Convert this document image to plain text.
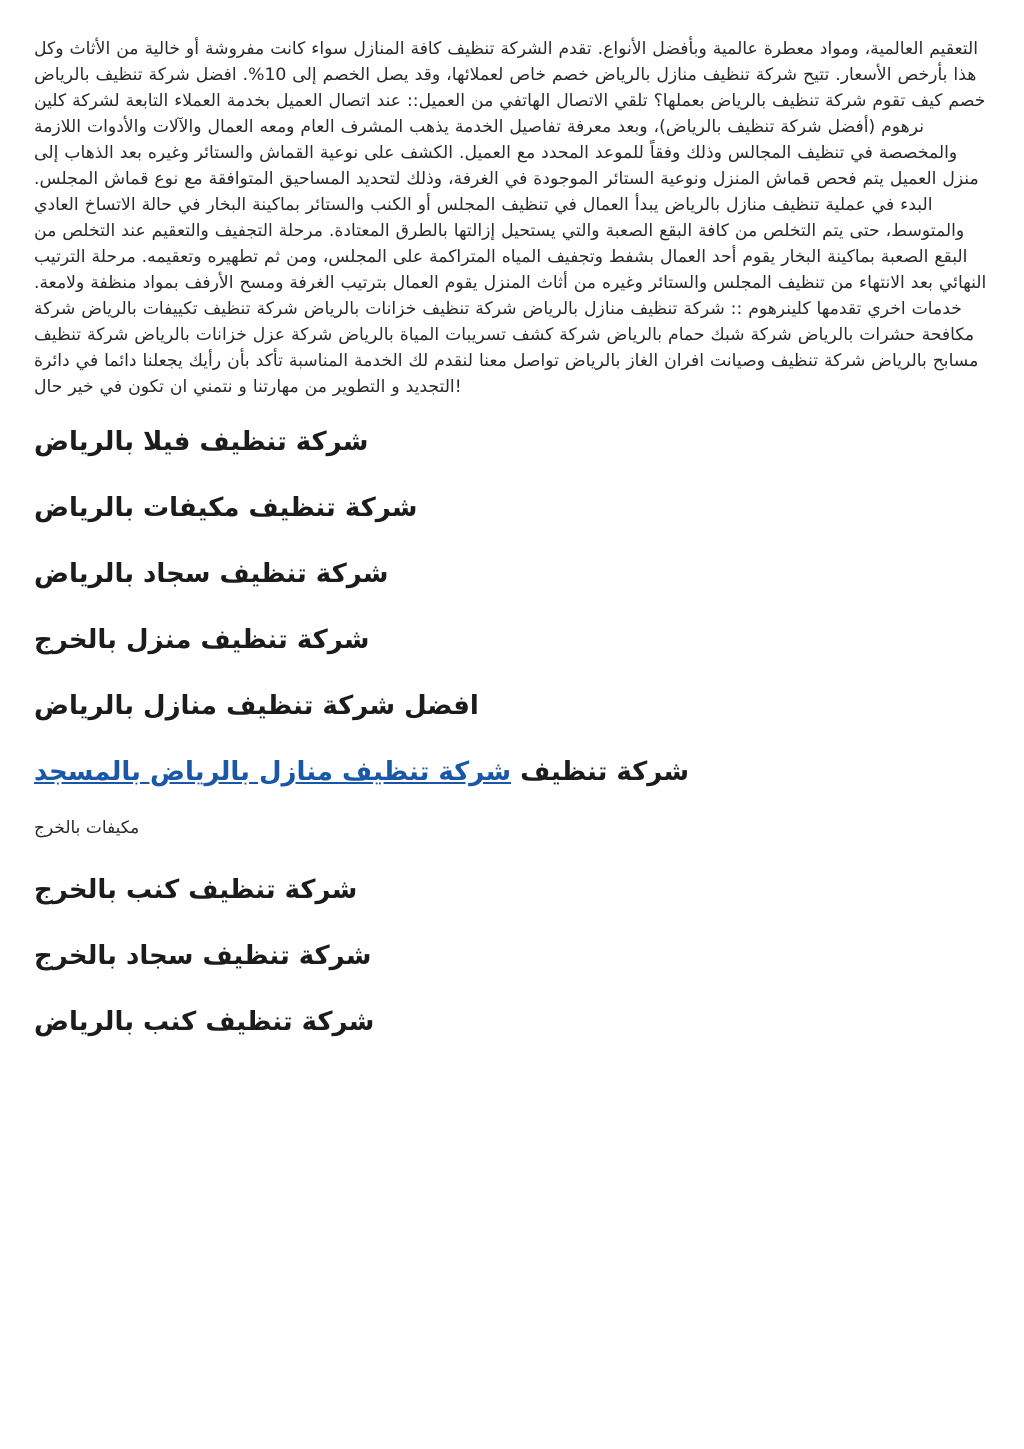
التعقيم العالمية، ومواد معطرة عالمية وبأفضل الأنواع. تقدم الشركة تنظيف كافة المنازل سواء كانت مفروشة أو خالية من الأثاث وكل هذا بأرخص الأسعار. تتيح شركة تنظيف منازل بالرياض خصم خاص لعملائها، وقد يصل الخصم إلى 10%. افضل شركة تنظيف بالرياض خصم كيف تقوم شركة تنظيف بالرياض بعملها؟ تلقي الاتصال الهاتفي من العميل:: عند اتصال العميل بخدمة العملاء التابعة لشركة كلين نرهوم (أفضل شركة تنظيف بالرياض)، وبعد معرفة تفاصيل الخدمة يذهب المشرف العام ومعه العمال والآلات والأدوات اللازمة والمخصصة في تنظيف المجالس وذلك وفقاً للموعد المحدد مع العميل. الكشف على نوعية القماش والستائر وغيره بعد الذهاب إلى منزل العميل يتم فحص قماش المنزل ونوعية الستائر الموجودة في الغرفة، وذلك لتحديد المساحيق المتوافقة مع نوع قماش المجلس. البدء في عملية تنظيف منازل بالرياض يبدأ العمال في تنظيف المجلس أو الكنب والستائر بماكينة البخار في حالة الاتساخ العادي والمتوسط، حتى يتم التخلص من كافة البقع الصعبة والتي يستحيل إزالتها بالطرق المعتادة. مرحلة التجفيف والتعقيم عند التخلص من البقع الصعبة بماكينة البخار يقوم أحد العمال بشفط وتجفيف المياه المتراكمة على المجلس، ومن ثم تطهيره وتعقيمه. مرحلة الترتيب النهائي بعد الانتهاء من تنظيف المجلس والستائر وغيره من أثاث المنزل يقوم العمال بترتيب الغرفة ومسح الأرفف بمواد منظفة ولامعة. خدمات اخري تقدمها كلينرهوم :: شركة تنظيف منازل بالرياض شركة تنظيف خزانات بالرياض شركة تنظيف تكييفات بالرياض شركة مكافحة حشرات بالرياض شركة شبك حمام بالرياض شركة كشف تسريبات المياة بالرياض شركة عزل خزانات بالرياض شركة تنظيف مسابح بالرياض شركة تنظيف وصيانت افران الغاز بالرياض تواصل معنا لنقدم لك الخدمة المناسبة تأكد بأن رأيك يجعلنا دائما في دائرة التجديد و التطوير من مهارتنا و نتمني ان تكون في خير حال!

شركة تنظيف فيلا بالرياض
شركة تنظيف مكيفات بالرياض
شركة تنظيف سجاد بالرياض
شركة تنظيف منزل بالخرج
افضل شركة تنظيف منازل بالرياض
شركة تنظيف شركة تنظيف منازل بالرياض بالمسجد

مكيفات بالخرج

شركة تنظيف كنب بالخرج
شركة تنظيف سجاد بالخرج
شركة تنظيف كنب بالرياض
